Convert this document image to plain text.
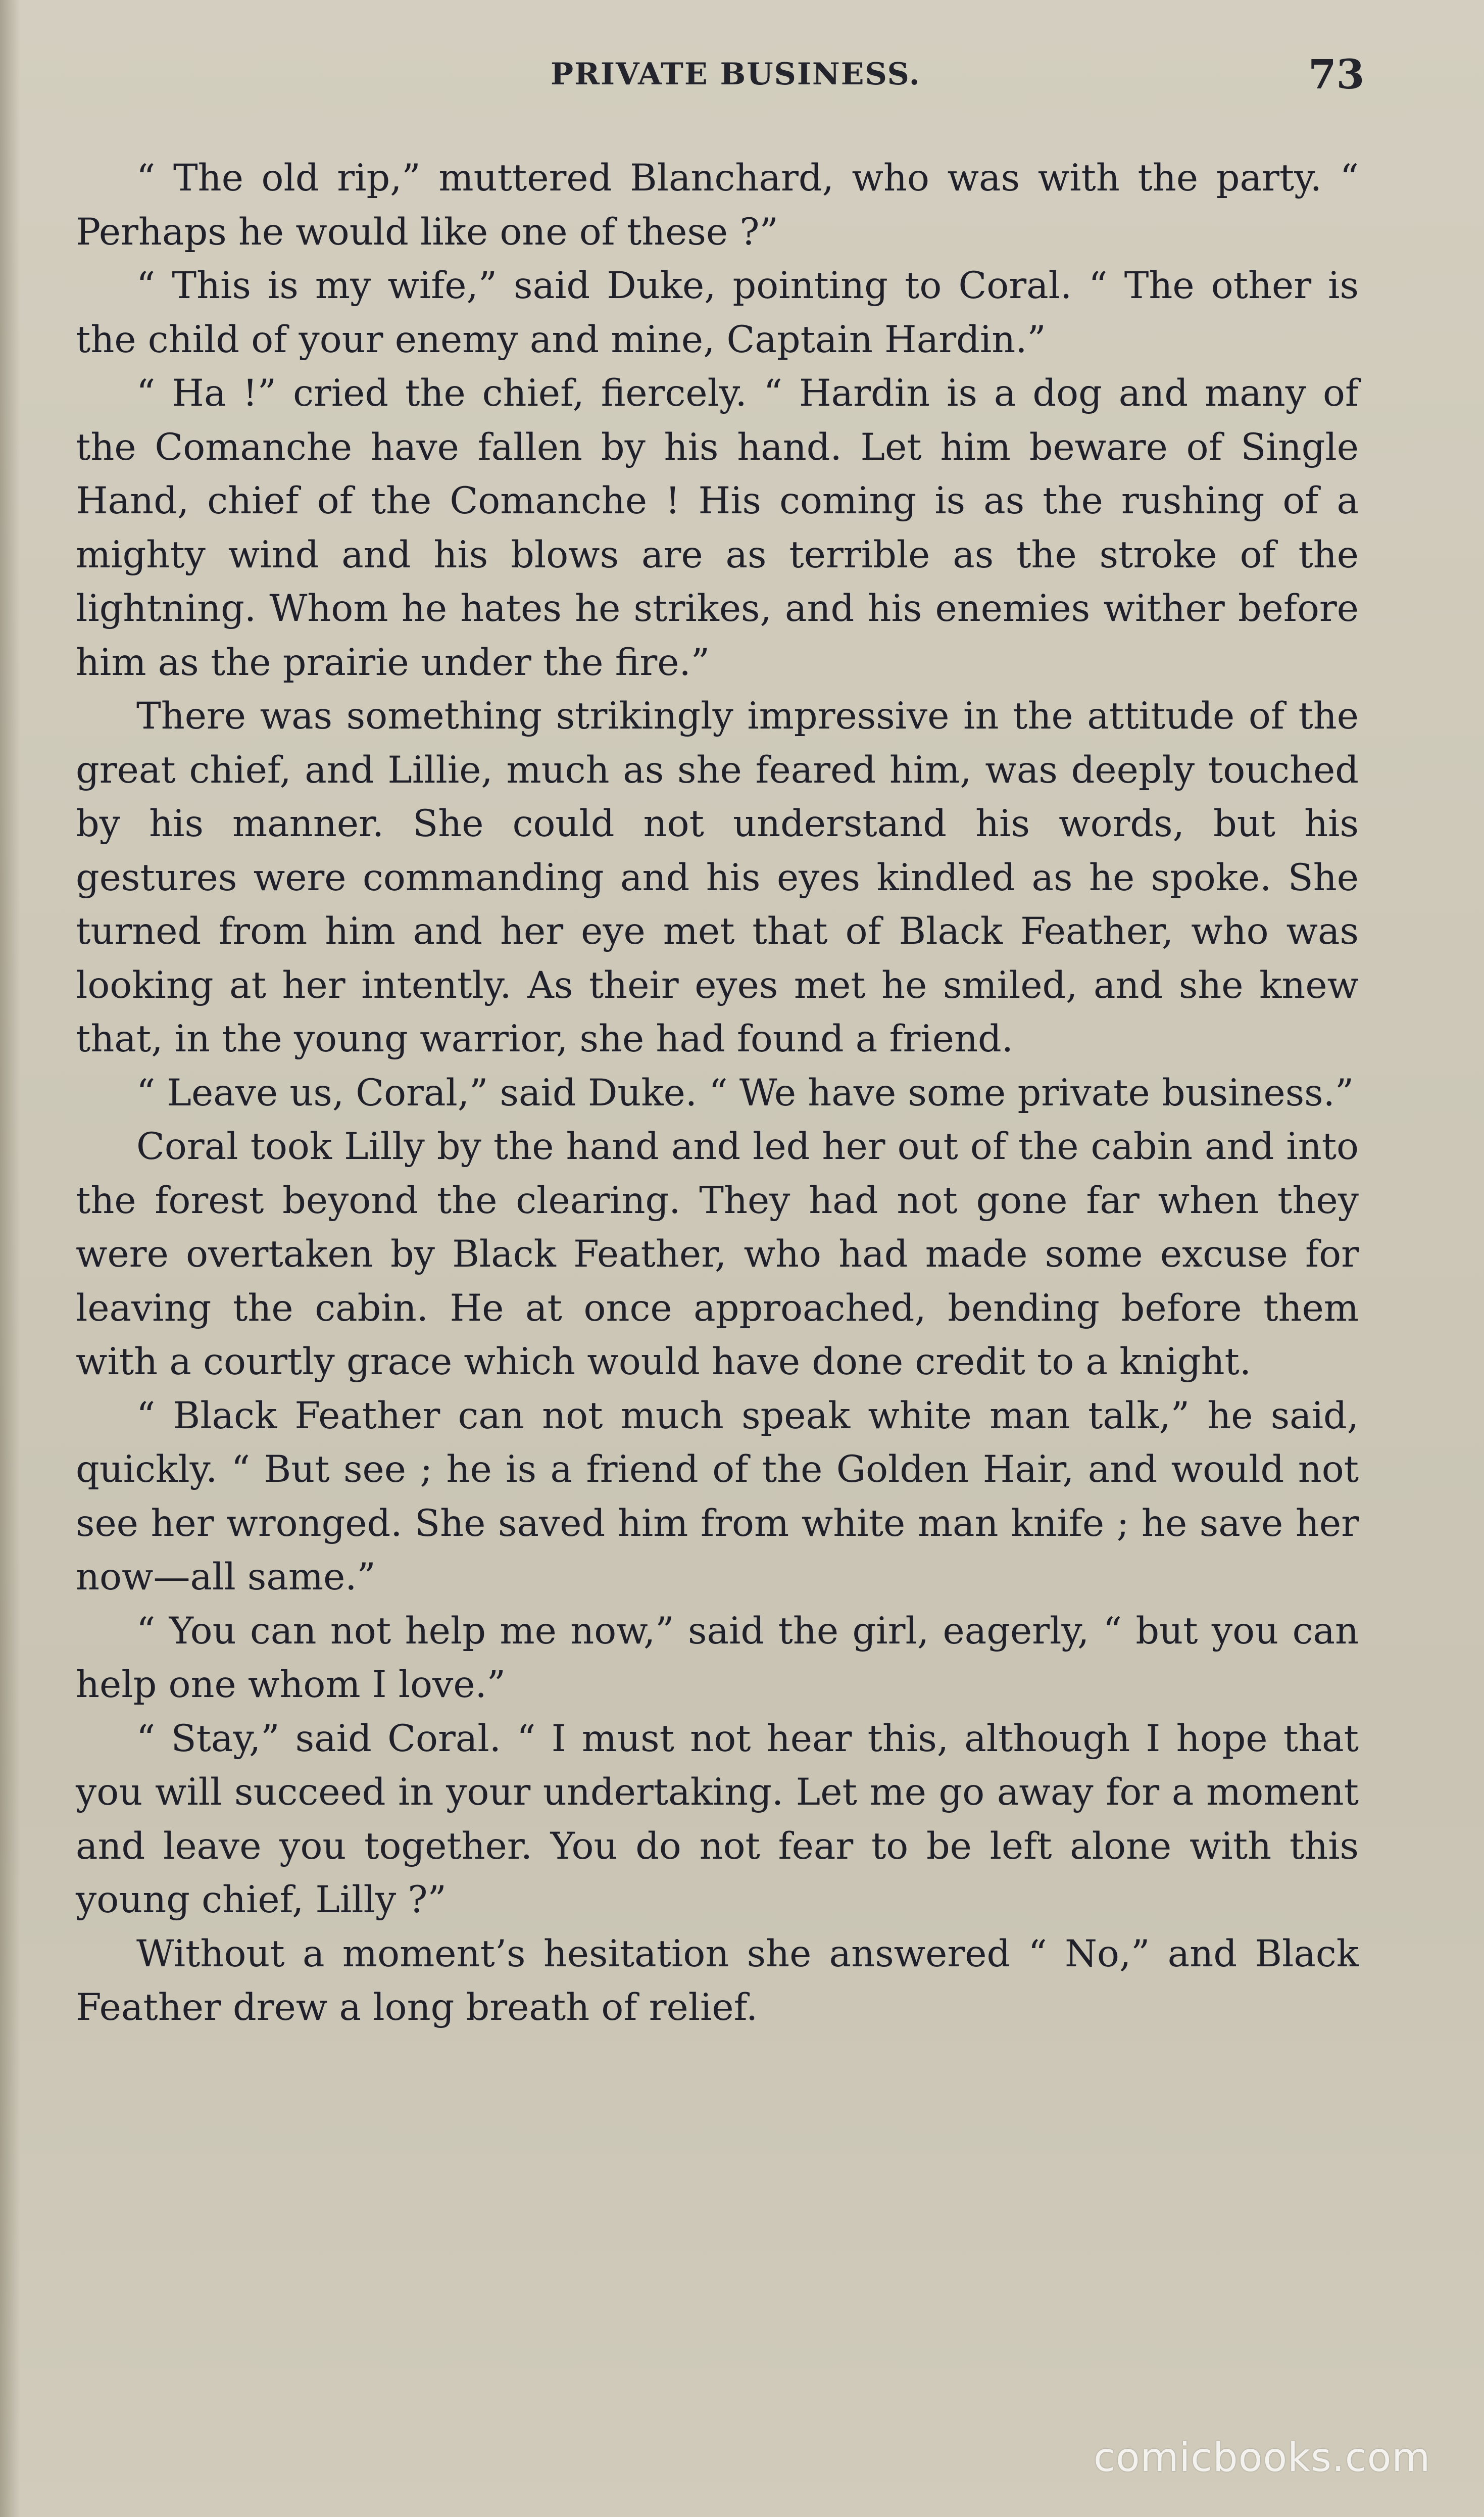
PRIVATE BUSINESS.	73

“ The old rip,” muttered Blanchard, who was with the party. “ Perhaps he would like one of these ?”

“ This is my wife,” said Duke, pointing to Coral. “ The other is the child of your enemy and mine, Captain Hardin.”

“ Ha !” cried the chief, fiercely. “ Hardin is a dog and many of the Comanche have fallen by his hand. Let him beware of Single Hand, chief of the Comanche ! His coming is as the rushing of a mighty wind and his blows are as terrible as the stroke of the lightning. Whom he hates he strikes, and his enemies wither before him as the prairie under the fire.”

There was something strikingly impressive in the attitude of the great chief, and Lillie, much as she feared him, was deeply touched by his manner. She could not understand his words, but his gestures were commanding and his eyes kindled as he spoke. She turned from him and her eye met that of Black Feather, who was looking at her intently. As their eyes met he smiled, and she knew that, in the young warrior, she had found a friend.

“ Leave us, Coral,” said Duke. “ We have some private business.”

Coral took Lilly by the hand and led her out of the cabin and into the forest beyond the clearing. They had not gone far when they were overtaken by Black Feather, who had made some excuse for leaving the cabin. He at once approached, bending before them with a courtly grace which would have done credit to a knight.

“ Black Feather can not much speak white man talk,” he said, quickly. “ But see ; he is a friend of the Golden Hair, and would not see her wronged. She saved him from white man knife ; he save her now—all same.”

“ You can not help me now,” said the girl, eagerly, “ but you can help one whom I love.”

“ Stay,” said Coral. “ I must not hear this, although I hope that you will succeed in your undertaking. Let me go away for a moment and leave you together. You do not fear to be left alone with this young chief, Lilly ?”

Without a moment’s hesitation she answered “ No,” and Black Feather drew a long breath of relief.

comicbooks.com
